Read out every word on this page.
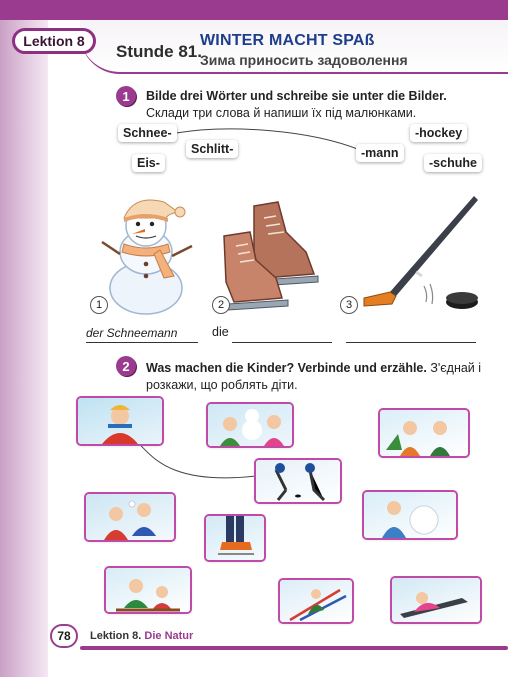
Lektion 8
Stunde 81.
WINTER MACHT SPAß
Зима приносить задоволення
1	Bilde drei Wörter und schreibe sie unter die Bilder. Склади три слова й напиши їх під малюнками.
Schnee-
Schlitt-
Eis-
-mann
-hockey
-schuhe
1	2	3
der Schneemann	die
2	Was machen die Kinder? Verbinde und erzähle. З'єднай і розкажи, що роблять діти.
78	Lektion 8. Die Natur
